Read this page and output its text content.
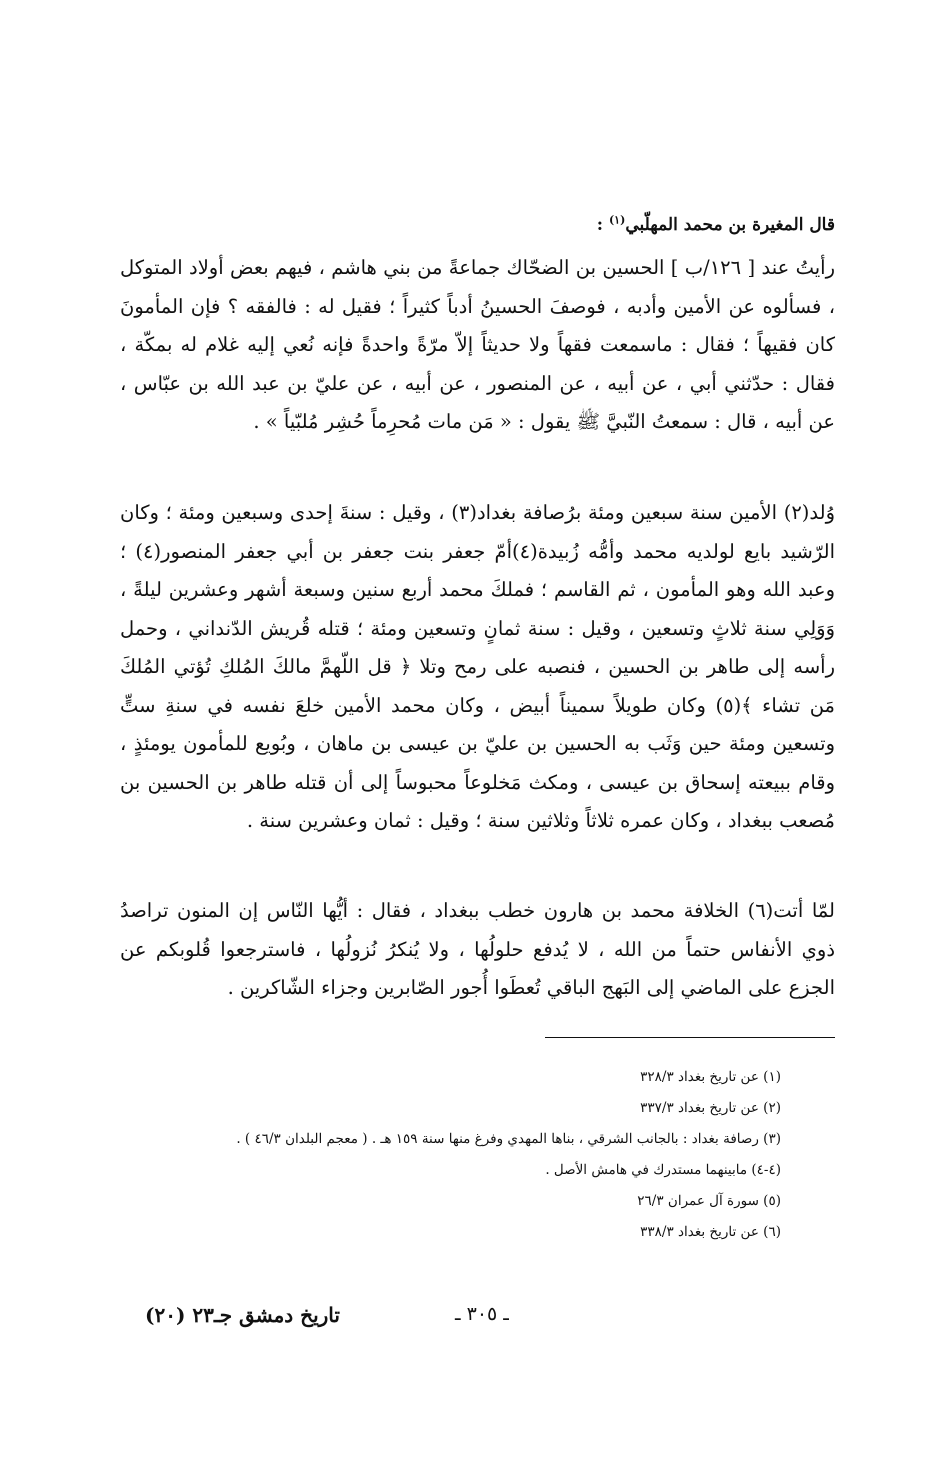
قال المغيرة بن محمد المهلّبي$^{(١)}$ :

رأيتُ عند [ ١٢٦/ب ] الحسين بن الضحّاك جماعةً من بني هاشم ، فيهم بعض أولاد المتوكل ، فسألوه عن الأمين وأدبه ، فوصفَ الحسينُ أدباً كثيراً ؛ فقيل له : فالفقه ؟ فإن المأمونَ كان فقيهاً ؛ فقال : ماسمعت فقهاً ولا حديثاً إلاّ مرّةً واحدةً فإنه نُعي إليه غلام له بمكّة ، فقال : حدّثني أبي ، عن أبيه ، عن المنصور ، عن أبيه ، عن عليّ بن عبد الله بن عبّاس ، عن أبيه ، قال : سمعتُ النّبيَّ ﷺ يقول : « مَن مات مُحرِماً حُشِر مُلبّياً » .

وُلد(٢) الأمين سنة سبعين ومئة برُصافة بغداد(٣) ، وقيل : سنةَ إحدى وسبعين ومئة ؛ وكان الرّشيد بايع لولديه محمد وأمُّه زُبيدة(٤)أمّ جعفر بنت جعفر بن أبي جعفر المنصور(٤) ؛ وعبد الله وهو المأمون ، ثم القاسم ؛ فملكَ محمد أربع سنين وسبعة أشهر وعشرين ليلةً ، وَوَلِي سنة ثلاثٍ وتسعين ، وقيل : سنة ثمانٍ وتسعين ومئة ؛ قتله قُريش الدّنداني ، وحمل رأسه إلى طاهر بن الحسين ، فنصبه على رمح وتلا ﴿ قل اللّهمَّ مالكَ المُلكِ تُؤتي المُلكَ مَن تشاء ﴾(٥) وكان طويلاً سميناً أبيض ، وكان محمد الأمين خلعَ نفسه في سنةِ ستٍّ وتسعين ومئة حين وَثَب به الحسين بن عليّ بن عيسى بن ماهان ، وبُويع للمأمون يومئذٍ ، وقام ببيعته إسحاق بن عيسى ، ومكث مَخلوعاً محبوساً إلى أن قتله طاهر بن الحسين بن مُصعب ببغداد ، وكان عمره ثلاثاً وثلاثين سنة ؛ وقيل : ثمان وعشرين سنة .

لمّا أتت(٦) الخلافة محمد بن هارون خطب ببغداد ، فقال : أيُّها النّاس إن المنون تراصدُ ذوي الأنفاس حتماً من الله ، لا يُدفع حلولُها ، ولا يُنكرُ نُزولُها ، فاسترجعوا قُلوبكم عن الجزع على الماضي إلى البَهج الباقي تُعطَوا أُجور الصّابرين وجزاء الشّاكرين .

(١) عن تاريخ بغداد ٣٢٨/٣
(٢) عن تاريخ بغداد ٣٣٧/٣
(٣) رصافة بغداد : بالجانب الشرقي ، بناها المهدي وفرغ منها سنة ١٥٩ هـ . ( معجم البلدان ٤٦/٣ ) .
(٤-٤) مابينهما مستدرك في هامش الأصل .
(٥) سورة آل عمران ٢٦/٣
(٦) عن تاريخ بغداد ٣٣٨/٣
تاريخ دمشق جـ٢٣ (٢٠)	ـ ٣٠٥ ـ
